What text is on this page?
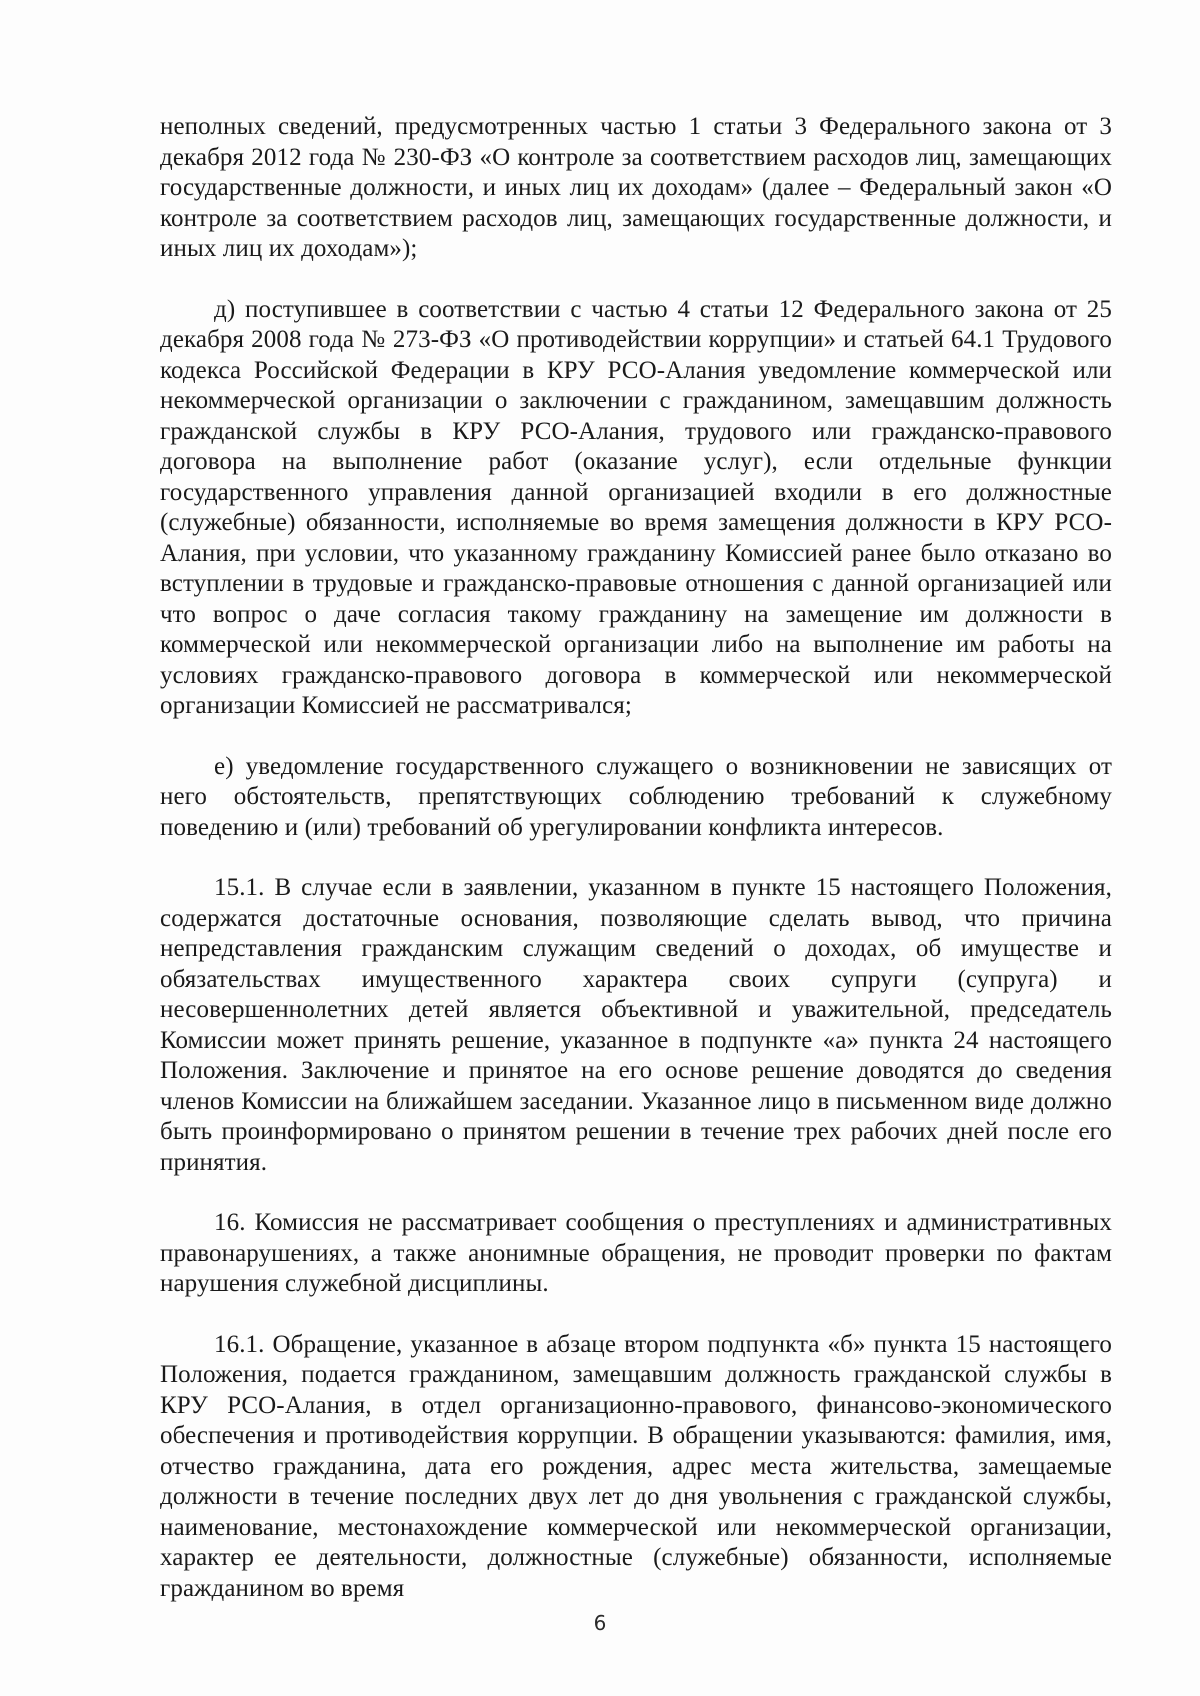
неполных сведений, предусмотренных частью 1 статьи 3 Федерального закона от 3 декабря 2012 года № 230-ФЗ «О контроле за соответствием расходов лиц, замещающих государственные должности, и иных лиц их доходам» (далее – Федеральный закон «О контроле за соответствием расходов лиц, замещающих государственные должности, и иных лиц их доходам»);

д) поступившее в соответствии с частью 4 статьи 12 Федерального закона от 25 декабря 2008 года № 273-ФЗ «О противодействии коррупции» и статьей 64.1 Трудового кодекса Российской Федерации в КРУ РСО-Алания уведомление коммерческой или некоммерческой организации о заключении с гражданином, замещавшим должность гражданской службы в КРУ РСО-Алания, трудового или гражданско-правового договора на выполнение работ (оказание услуг), если отдельные функции государственного управления данной организацией входили в его должностные (служебные) обязанности, исполняемые во время замещения должности в КРУ РСО-Алания, при условии, что указанному гражданину Комиссией ранее было отказано во вступлении в трудовые и гражданско-правовые отношения с данной организацией или что вопрос о даче согласия такому гражданину на замещение им должности в коммерческой или некоммерческой организации либо на выполнение им работы на условиях гражданско-правового договора в коммерческой или некоммерческой организации Комиссией не рассматривался;

е) уведомление государственного служащего о возникновении не зависящих от него обстоятельств, препятствующих соблюдению требований к служебному поведению и (или) требований об урегулировании конфликта интересов.

15.1. В случае если в заявлении, указанном в пункте 15 настоящего Положения, содержатся достаточные основания, позволяющие сделать вывод, что причина непредставления гражданским служащим сведений о доходах, об имуществе и обязательствах имущественного характера своих супруги (супруга) и несовершеннолетних детей является объективной и уважительной, председатель Комиссии может принять решение, указанное в подпункте «а» пункта 24 настоящего Положения. Заключение и принятое на его основе решение доводятся до сведения членов Комиссии на ближайшем заседании. Указанное лицо в письменном виде должно быть проинформировано о принятом решении в течение трех рабочих дней после его принятия.

16. Комиссия не рассматривает сообщения о преступлениях и административных правонарушениях, а также анонимные обращения, не проводит проверки по фактам нарушения служебной дисциплины.

16.1. Обращение, указанное в абзаце втором подпункта «б» пункта 15 настоящего Положения, подается гражданином, замещавшим должность гражданской службы в КРУ РСО-Алания, в отдел организационно-правового, финансово-экономического обеспечения и противодействия коррупции. В обращении указываются: фамилия, имя, отчество гражданина, дата его рождения, адрес места жительства, замещаемые должности в течение последних двух лет до дня увольнения с гражданской службы, наименование, местонахождение коммерческой или некоммерческой организации, характер ее деятельности, должностные (служебные) обязанности, исполняемые гражданином во время

6
